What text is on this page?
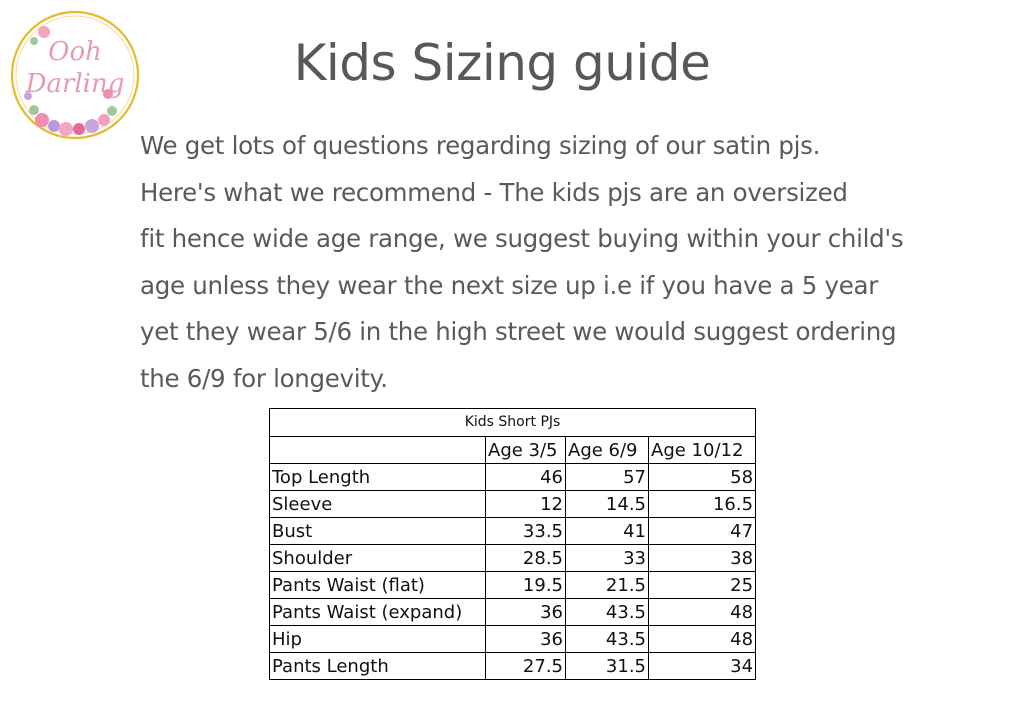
Ooh
Darling	Kids Sizing guide
We get lots of questions regarding sizing of our satin pjs.
Here's what we recommend - The kids pjs are an oversized
fit hence wide age range, we suggest buying within your child's
age unless they wear the next size up i.e if you have a 5 year
yet they wear 5/6 in the high street we would suggest ordering
the 6/9 for longevity.
Kids Short PJs			
	Age 3/5	Age 6/9	Age 10/12
Top Length	46	57	58
Sleeve	12	14.5	16.5
Bust	33.5	41	47
Shoulder	28.5	33	38
Pants Waist (flat)	19.5	21.5	25
Pants Waist (expand)	36	43.5	48
Hip	36	43.5	48
Pants Length	27.5	31.5	34
